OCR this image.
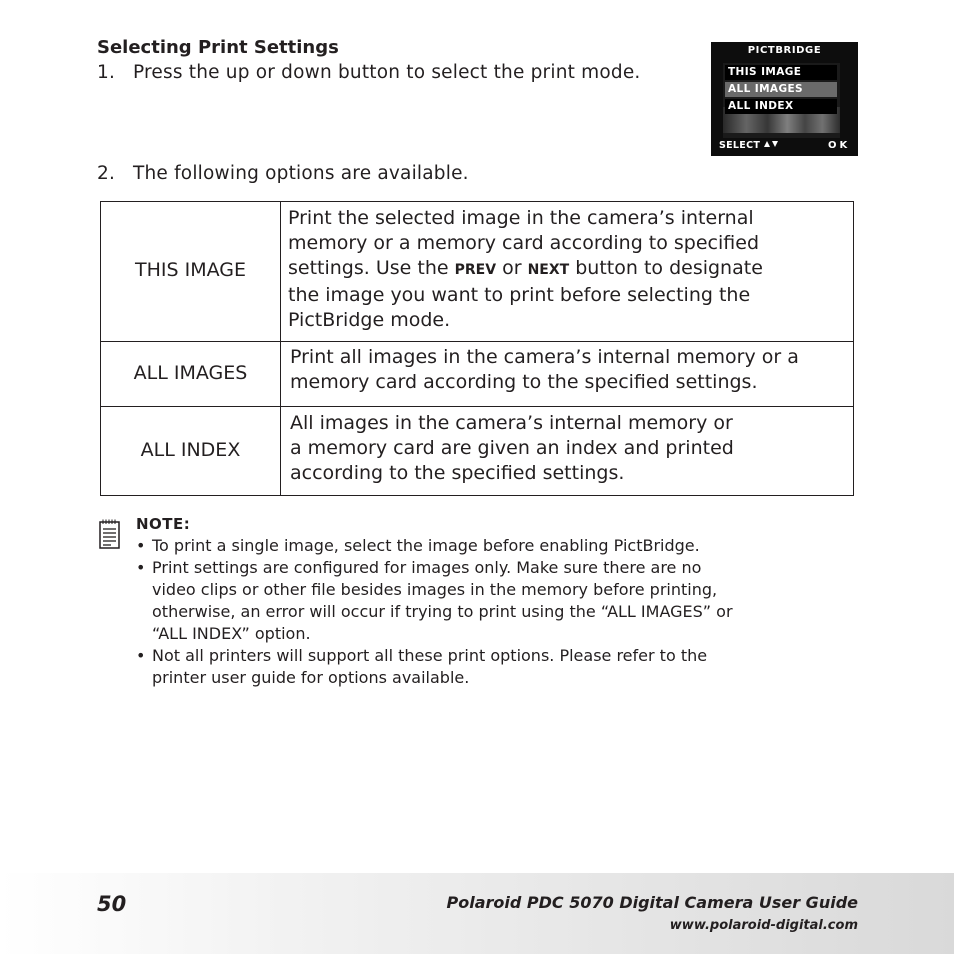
Selecting Print Settings
1. Press the up or down button to select the print mode.
2. The following options are available.
PICTBRIDGE
THIS IMAGE
ALL IMAGES
ALL INDEX
SELECT	OK
THIS IMAGE
Print the selected image in the camera’s internal
memory or a memory card according to specified
settings. Use the PREV or NEXT button to designate
the image you want to print before selecting the
PictBridge mode.
ALL IMAGES
Print all images in the camera’s internal memory or a
memory card according to the specified settings.
ALL INDEX
All images in the camera’s internal memory or
a memory card are given an index and printed
according to the specified settings.
NOTE:
• To print a single image, select the image before enabling PictBridge.
• Print settings are configured for images only. Make sure there are no
video clips or other file besides images in the memory before printing,
otherwise, an error will occur if trying to print using the “ALL IMAGES” or
“ALL INDEX” option.
• Not all printers will support all these print options. Please refer to the
printer user guide for options available.
50	Polaroid PDC 5070 Digital Camera User Guide
www.polaroid-digital.com
